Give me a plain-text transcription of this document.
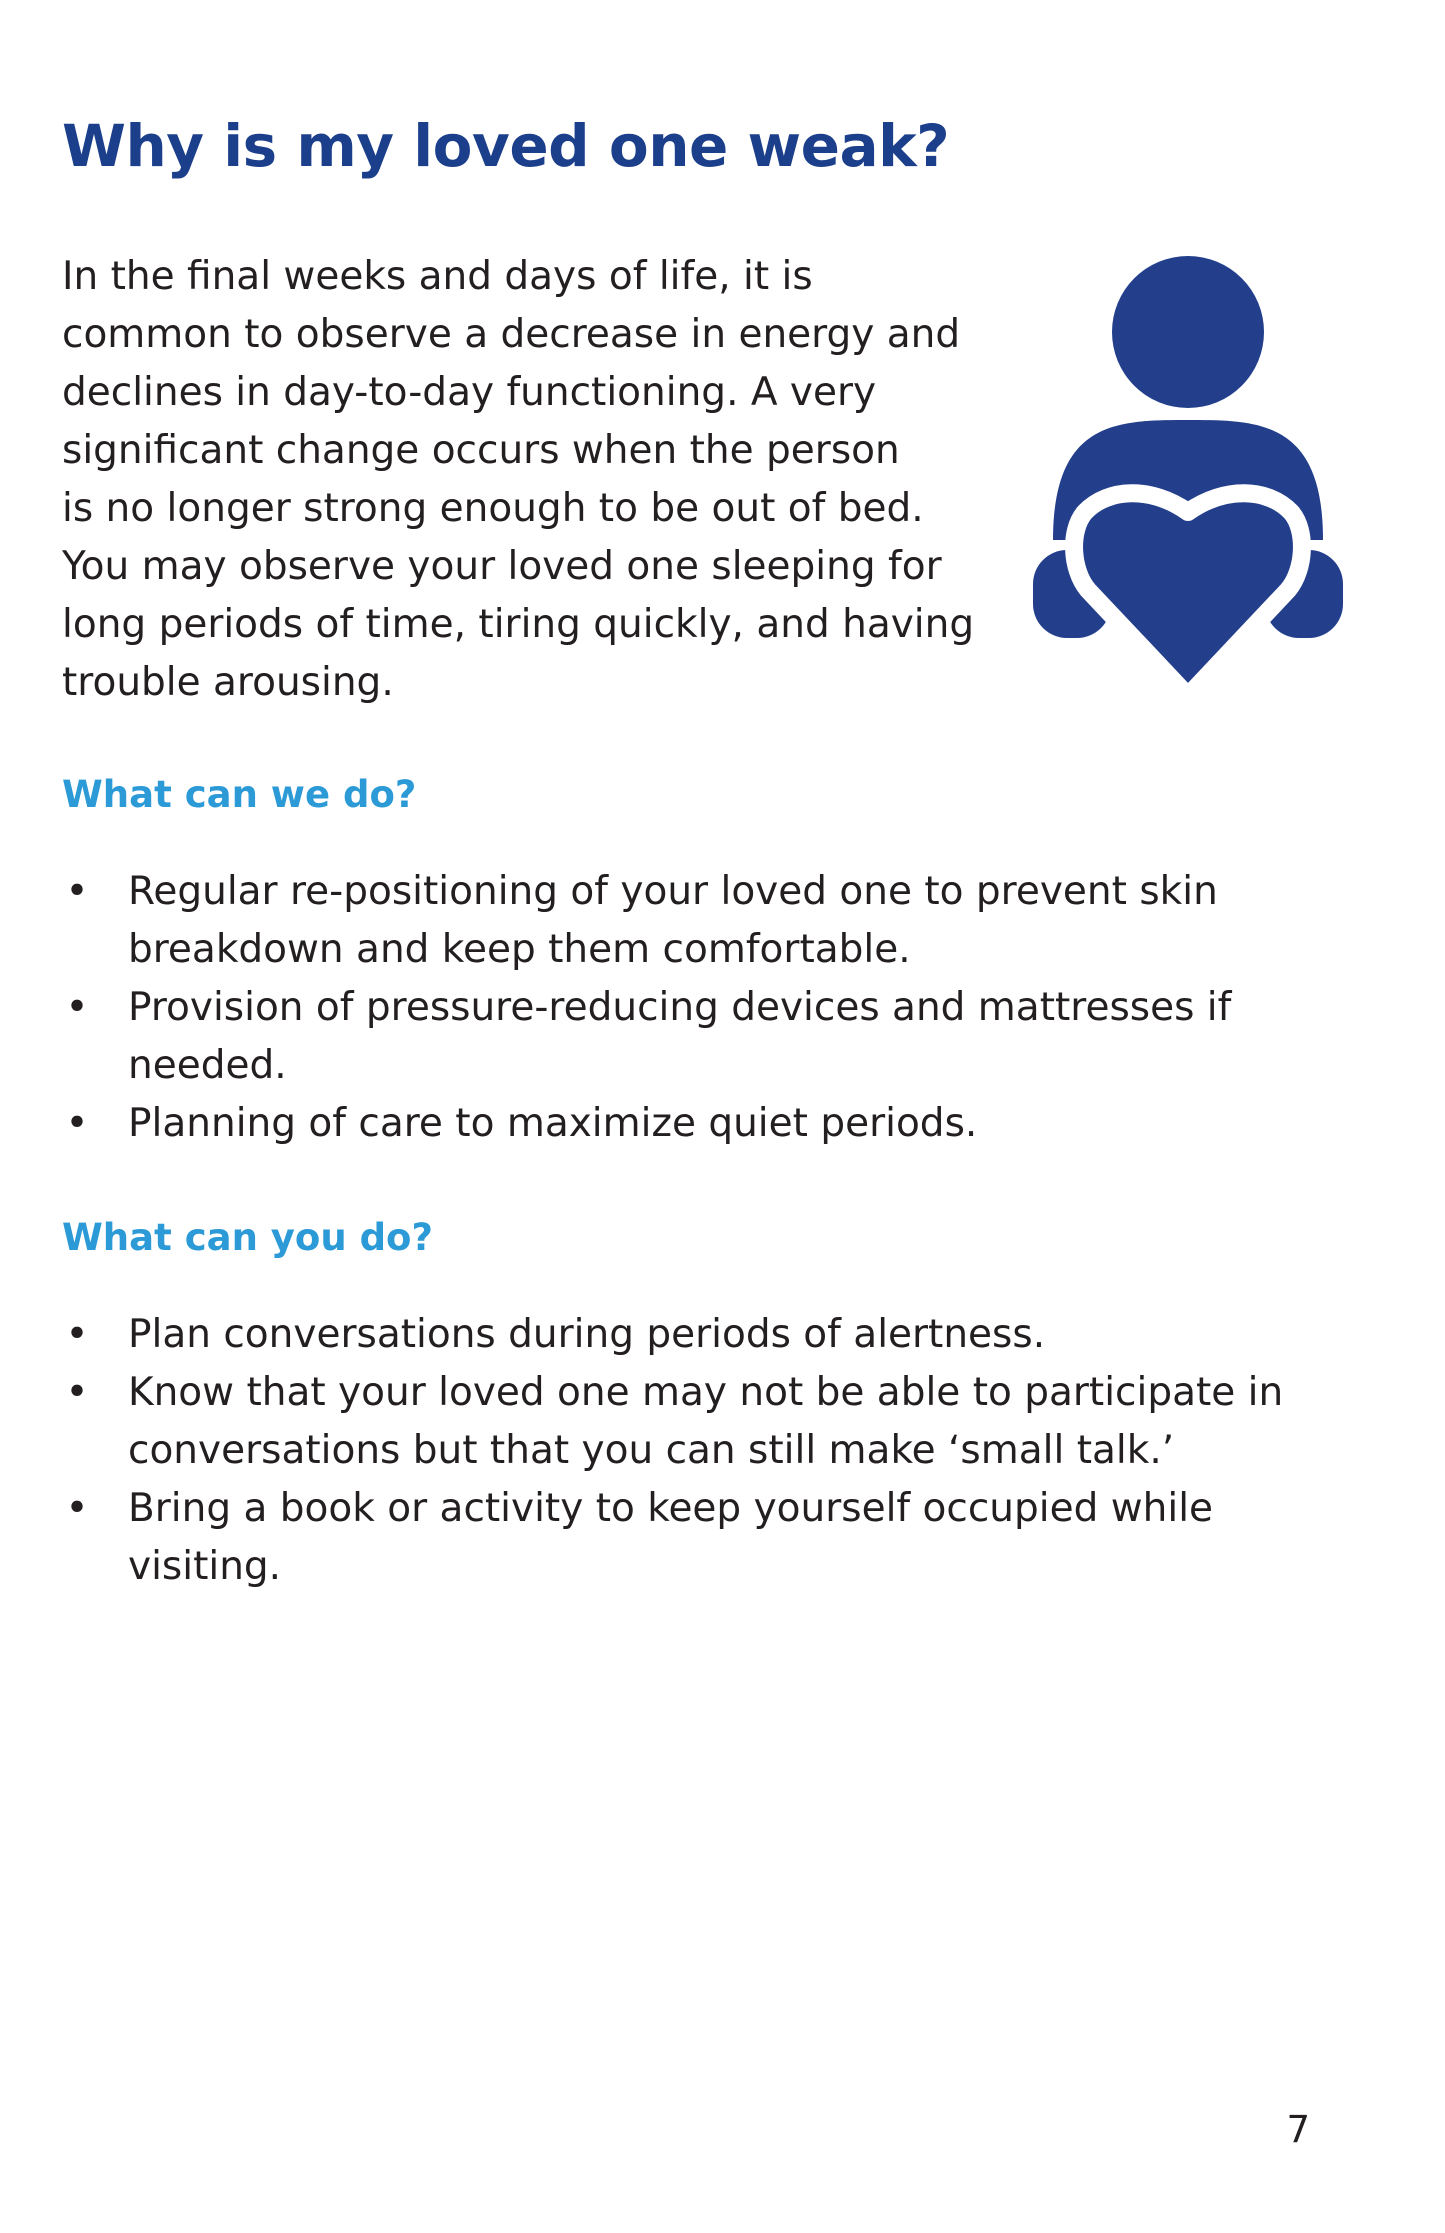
Why is my loved one weak?

In the final weeks and days of life, it is
common to observe a decrease in energy and
declines in day-to-day functioning. A very
significant change occurs when the person
is no longer strong enough to be out of bed.
You may observe your loved one sleeping for
long periods of time, tiring quickly, and having
trouble arousing.

What can we do?
• Regular re-positioning of your loved one to prevent skin
breakdown and keep them comfortable.
• Provision of pressure-reducing devices and mattresses if
needed.
• Planning of care to maximize quiet periods.
What can you do?
• Plan conversations during periods of alertness.
• Know that your loved one may not be able to participate in
conversations but that you can still make ‘small talk.’
• Bring a book or activity to keep yourself occupied while
visiting.
7
